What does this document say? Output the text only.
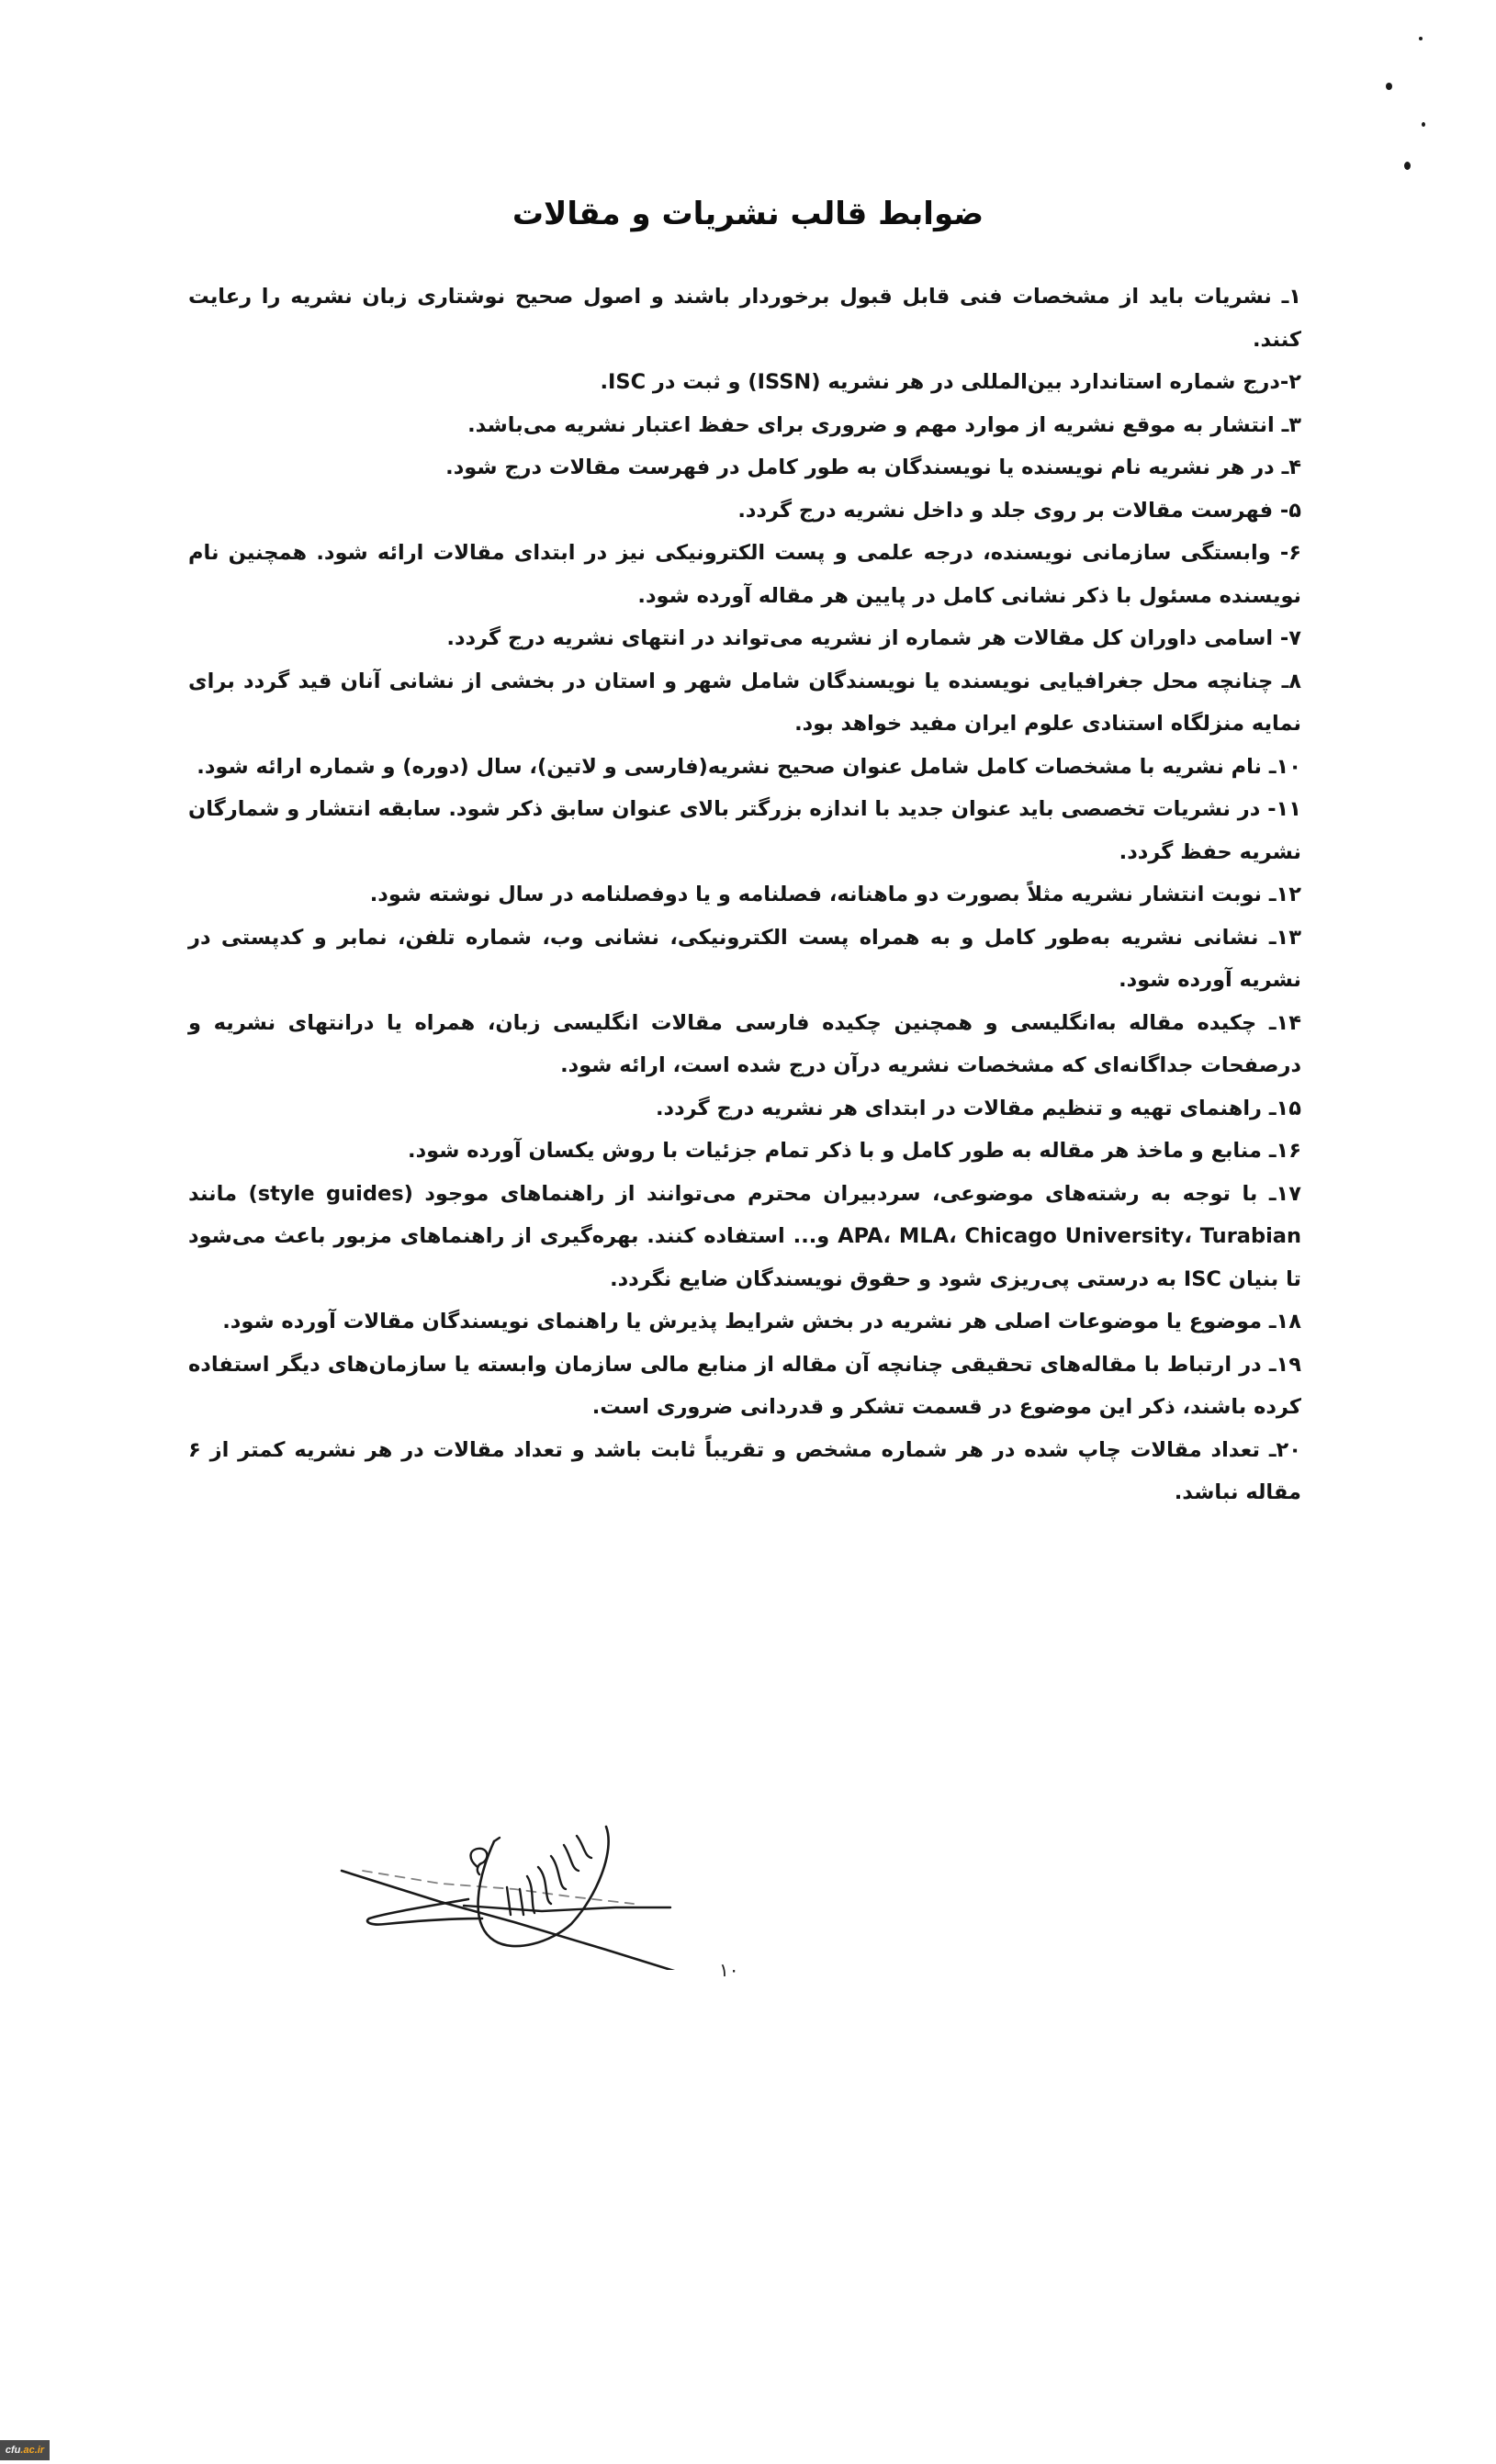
ضوابط قالب نشریات و مقالات

۱ـ نشریات باید از مشخصات فنی قابل قبول برخوردار باشند و اصول صحیح نوشتاری زبان نشریه را رعایت کنند.

۲-درج شماره استاندارد بین‌المللی در هر نشریه (ISSN) و ثبت در ISC.

۳ـ انتشار به موقع نشریه از موارد مهم و ضروری برای حفظ اعتبار نشریه می‌باشد.

۴ـ در هر نشریه نام نویسنده یا نویسندگان به طور کامل در فهرست مقالات درج شود.

۵- فهرست مقالات بر روی جلد و داخل نشریه درج گردد.

۶- وابستگی سازمانی نویسنده، درجه علمی و پست الکترونیکی نیز در ابتدای مقالات ارائه شود. همچنین نام نویسنده مسئول با ذکر نشانی کامل در پایین هر مقاله آورده شود.

۷- اسامی داوران کل مقالات هر شماره از نشریه می‌تواند در انتهای نشریه درج گردد.

۸ـ چنانچه محل جغرافیایی نویسنده یا نویسندگان شامل شهر و استان در بخشی از نشانی آنان قید گردد برای نمایه منزلگاه استنادی علوم ایران مفید خواهد بود.

۱۰ـ نام نشریه با مشخصات کامل شامل عنوان صحیح نشریه(فارسی و لاتین)، سال (دوره) و شماره ارائه شود.

۱۱- در نشریات تخصصی باید عنوان جدید با اندازه بزرگتر بالای عنوان سابق ذکر شود. سابقه انتشار و شمارگان نشریه حفظ گردد.

۱۲ـ نوبت انتشار نشریه مثلاً بصورت دو ماهنانه، فصلنامه و یا دوفصلنامه در سال نوشته شود.

۱۳ـ نشانی نشریه به‌طور کامل و به همراه پست الکترونیکی، نشانی وب، شماره تلفن، نمابر و کدپستی در نشریه آورده شود.

۱۴ـ چکیده مقاله به‌انگلیسی و همچنین چکیده فارسی مقالات انگلیسی زبان، همراه یا درانتهای نشریه و درصفحات جداگانه‌ای که مشخصات نشریه درآن درج شده است، ارائه شود.

۱۵ـ راهنمای تهیه و تنظیم مقالات در ابتدای هر نشریه درج گردد.

۱۶ـ منابع و ماخذ هر مقاله به طور کامل و با ذکر تمام جزئیات با روش یکسان آورده شود.

۱۷ـ با توجه به رشته‌های موضوعی، سردبیران محترم می‌توانند از راهنماهای موجود (style guides) مانند APA، MLA، Chicago University، Turabian و... استفاده کنند. بهره‌گیری از راهنماهای مزبور باعث می‌شود تا بنیان ISC به درستی پی‌ریزی شود و حقوق نویسندگان ضایع نگردد.

۱۸ـ موضوع یا موضوعات اصلی هر نشریه در بخش شرایط پذیرش یا راهنمای نویسندگان مقالات آورده شود.

۱۹ـ در ارتباط با مقاله‌های تحقیقی چنانچه آن مقاله از منابع مالی سازمان وابسته یا سازمان‌های دیگر استفاده کرده باشند، ذکر این موضوع در قسمت تشکر و قدردانی ضروری است.

۲۰ـ تعداد مقالات چاپ شده در هر شماره مشخص و تقریباً ثابت باشد و تعداد مقالات در هر نشریه کمتر از ۶ مقاله نباشد.

۱۰
cfu .ac.ir
